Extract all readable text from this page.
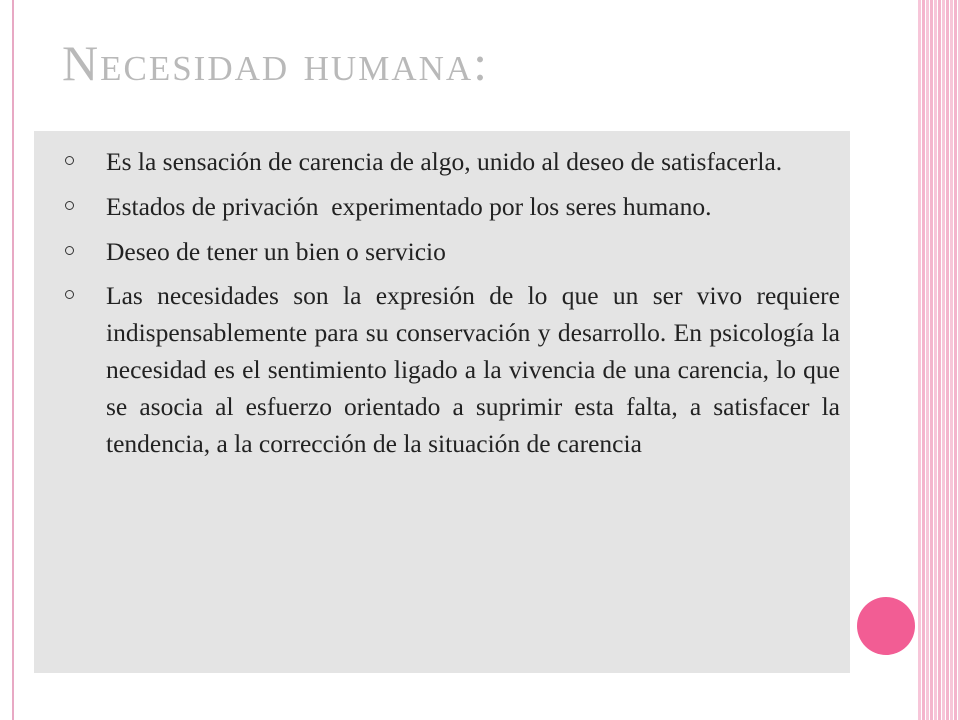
Necesidad humana:
Es la sensación de carencia de algo, unido al deseo de satisfacerla.
Estados de privación  experimentado por los seres humano.
Deseo de tener un bien o servicio
Las necesidades son la expresión de lo que un ser vivo requiere indispensablemente para su conservación y desarrollo. En psicología la necesidad es el sentimiento ligado a la vivencia de una carencia, lo que se asocia al esfuerzo orientado a suprimir esta falta, a satisfacer la tendencia, a la corrección de la situación de carencia
